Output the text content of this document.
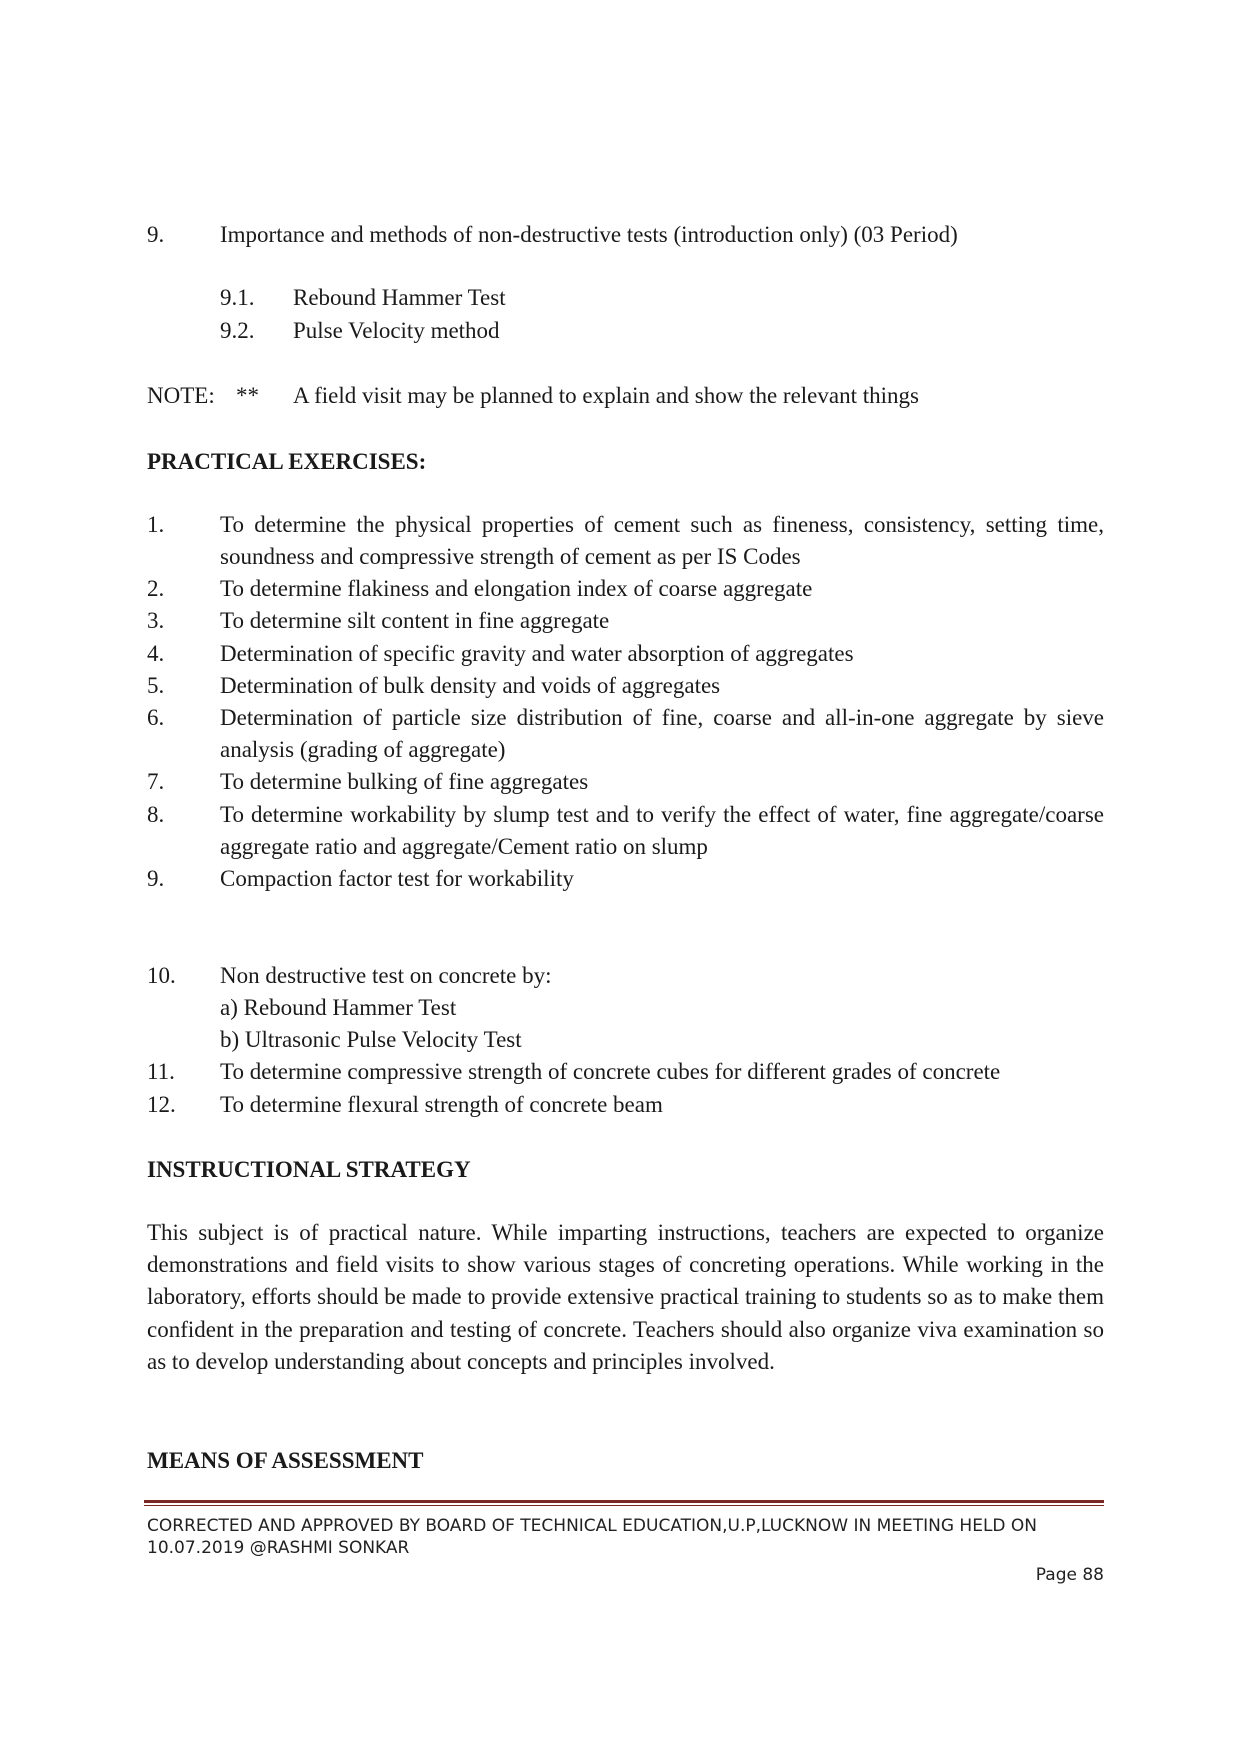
9. Importance and methods of non-destructive tests (introduction only) (03 Period)
9.1. Rebound Hammer Test
9.2. Pulse Velocity method
NOTE: ** A field visit may be planned to explain and show the relevant things
PRACTICAL EXERCISES:
1. To determine the physical properties of cement such as fineness, consistency, setting time, soundness and compressive strength of cement as per IS Codes
2. To determine flakiness and elongation index of coarse aggregate
3. To determine silt content in fine aggregate
4. Determination of specific gravity and water absorption of aggregates
5. Determination of bulk density and voids of aggregates
6. Determination of particle size distribution of fine, coarse and all-in-one aggregate by sieve analysis (grading of aggregate)
7. To determine bulking of fine aggregates
8. To determine workability by slump test and to verify the effect of water, fine aggregate/coarse aggregate ratio and aggregate/Cement ratio on slump
9. Compaction factor test for workability
10. Non destructive test on concrete by:
a) Rebound Hammer Test
b) Ultrasonic Pulse Velocity Test
11. To determine compressive strength of concrete cubes for different grades of concrete
12. To determine flexural strength of concrete beam
INSTRUCTIONAL STRATEGY
This subject is of practical nature. While imparting instructions, teachers are expected to organize demonstrations and field visits to show various stages of concreting operations. While working in the laboratory, efforts should be made to provide extensive practical training to students so as to make them confident in the preparation and testing of concrete. Teachers should also organize viva examination so as to develop understanding about concepts and principles involved.
MEANS OF ASSESSMENT
CORRECTED AND APPROVED BY BOARD OF TECHNICAL EDUCATION,U.P,LUCKNOW IN MEETING HELD ON
10.07.2019 @RASHMI SONKAR
Page 88
